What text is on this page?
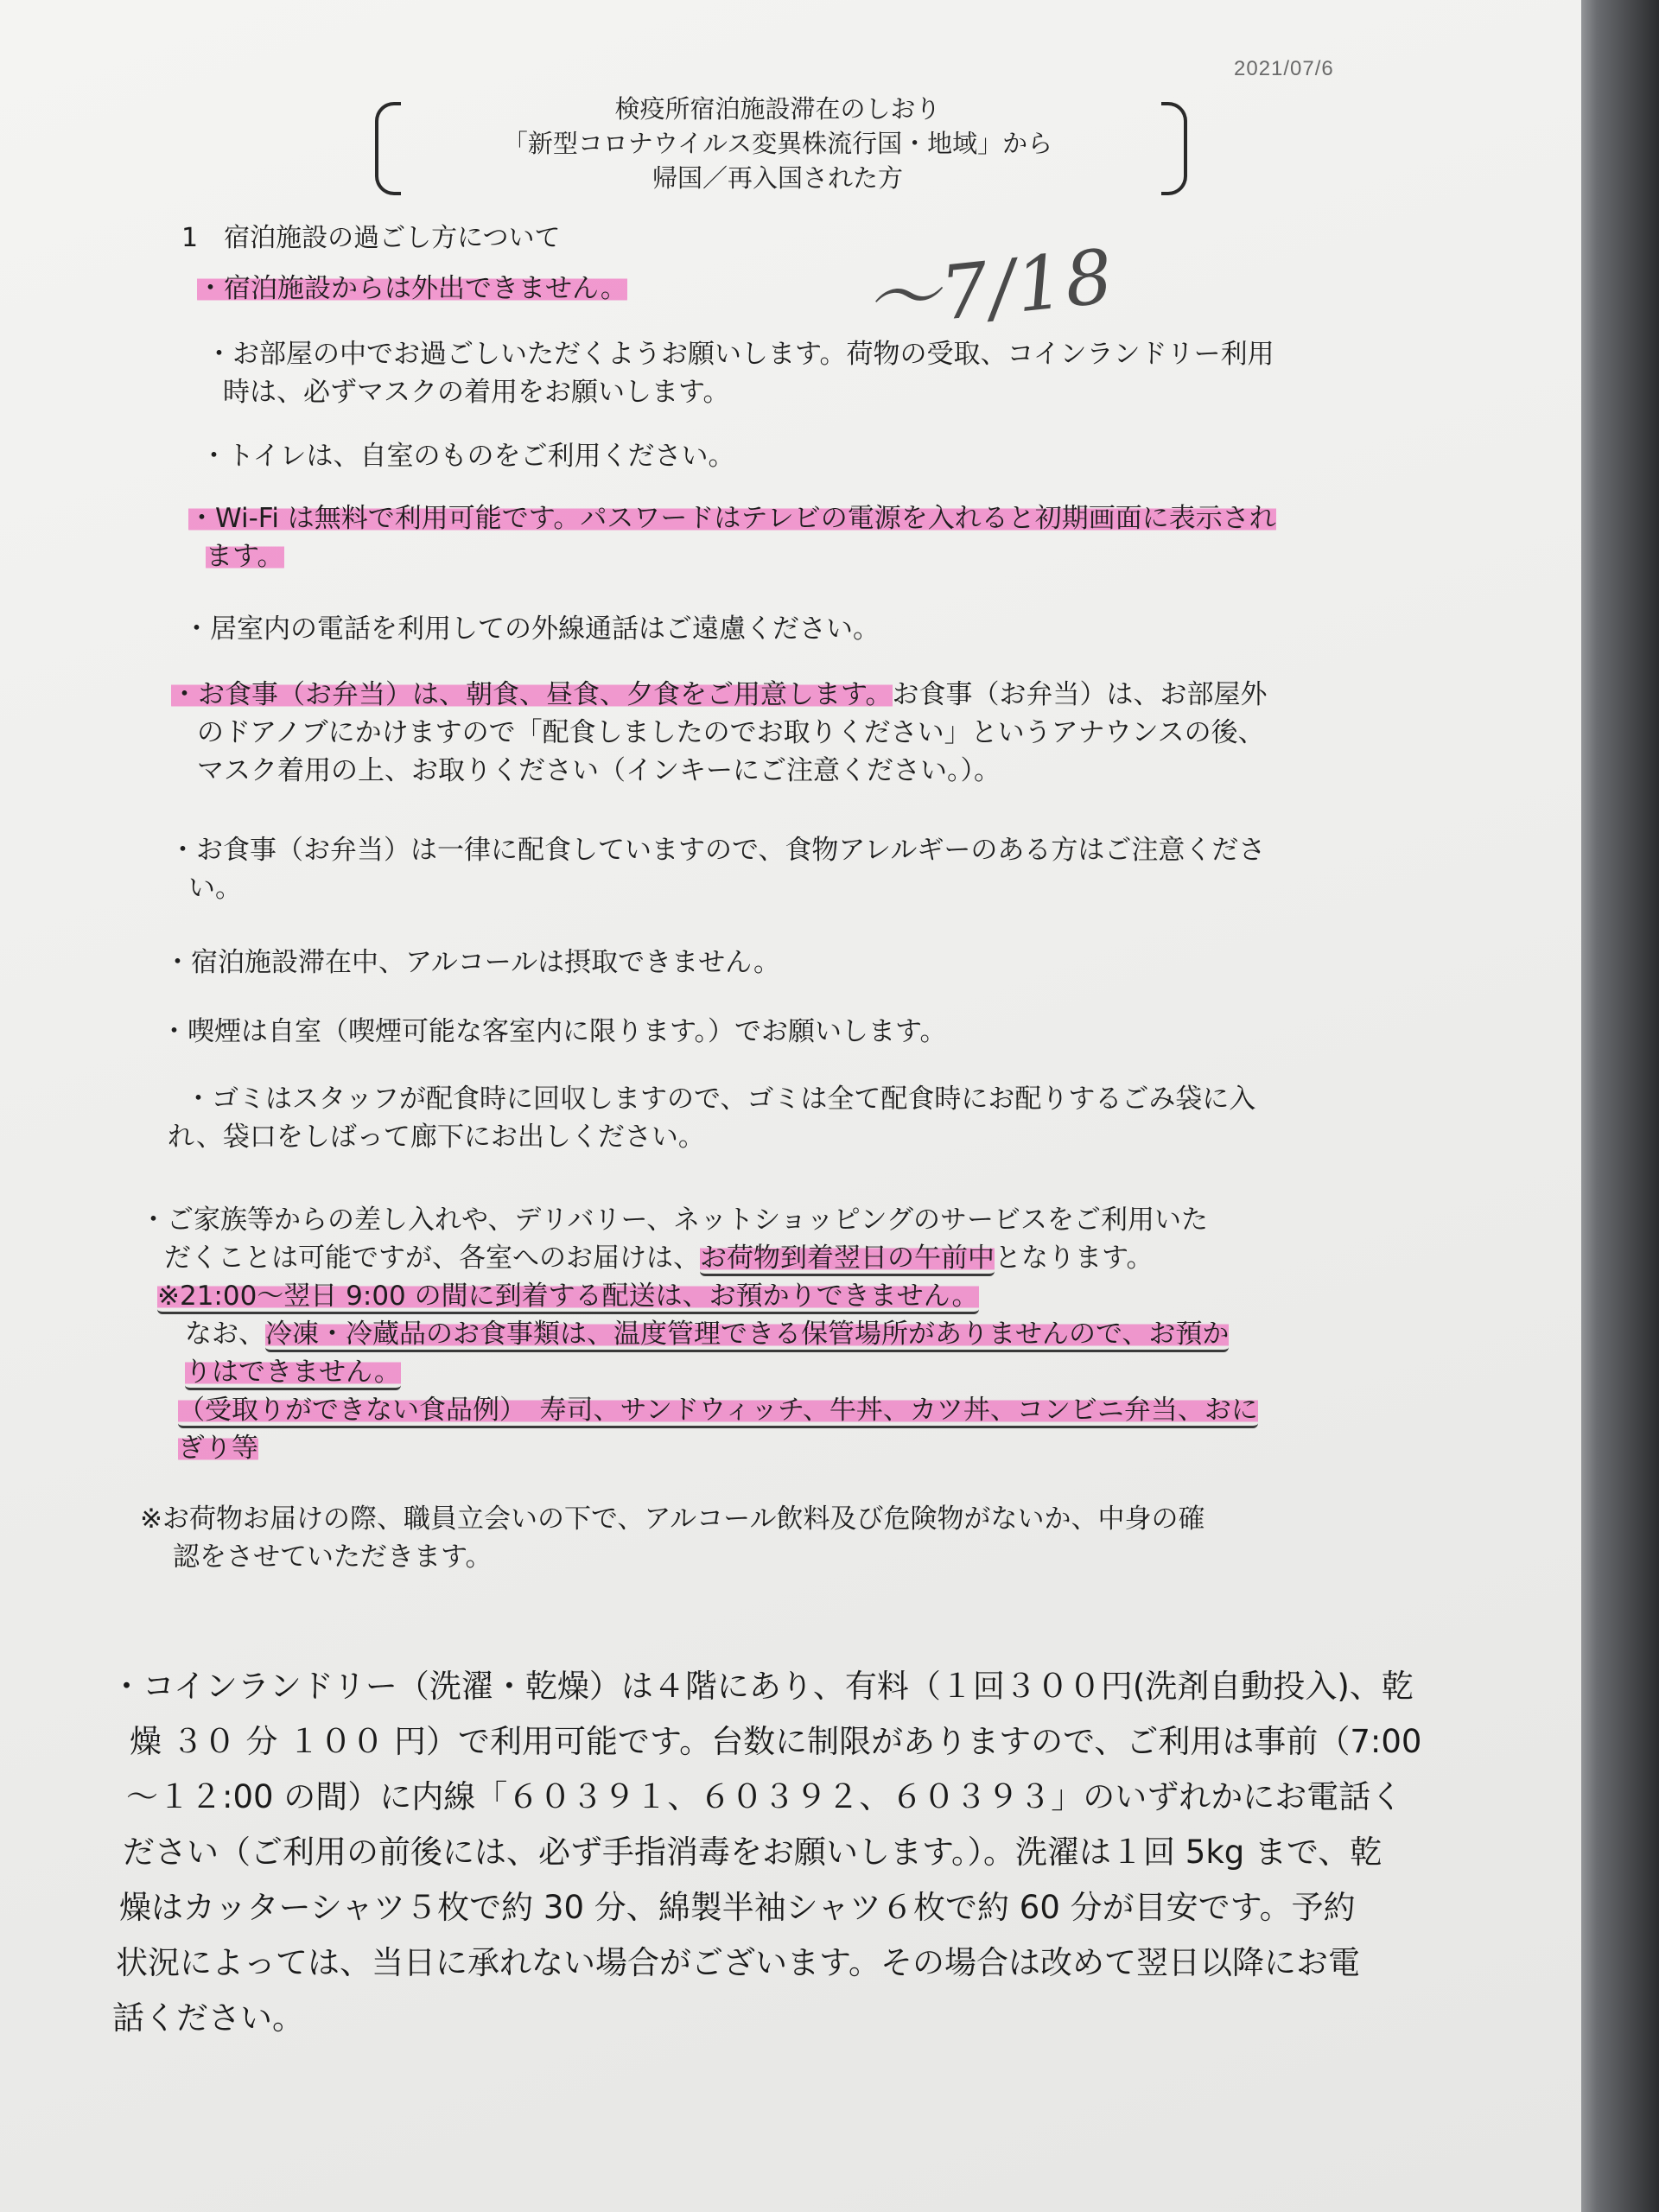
2021/07/6
検疫所宿泊施設滞在のしおり
「新型コロナウイルス変異株流行国・地域」から
帰国／再入国された方
～7/18
1　宿泊施設の過ごし方について
・宿泊施設からは外出できません。
・お部屋の中でお過ごしいただくようお願いします。荷物の受取、コインランドリー利用
時は、必ずマスクの着用をお願いします。
・トイレは、自室のものをご利用ください。
・Wi-Fi は無料で利用可能です。パスワードはテレビの電源を入れると初期画面に表示され
ます。
・居室内の電話を利用しての外線通話はご遠慮ください。
・お食事（お弁当）は、朝食、昼食、夕食をご用意します。お食事（お弁当）は、お部屋外
のドアノブにかけますので「配食しましたのでお取りください」というアナウンスの後、
マスク着用の上、お取りください（インキーにご注意ください。）。
・お食事（お弁当）は一律に配食していますので、食物アレルギーのある方はご注意くださ
い。
・宿泊施設滞在中、アルコールは摂取できません。
・喫煙は自室（喫煙可能な客室内に限ります。）でお願いします。
・ゴミはスタッフが配食時に回収しますので、ゴミは全て配食時にお配りするごみ袋に入
れ、袋口をしばって廊下にお出しください。
・ご家族等からの差し入れや、デリバリー、ネットショッピングのサービスをご利用いた
だくことは可能ですが、各室へのお届けは、お荷物到着翌日の午前中となります。
※21:00～翌日 9:00 の間に到着する配送は、お預かりできません。
なお、冷凍・冷蔵品のお食事類は、温度管理できる保管場所がありませんので、お預か
りはできません。
（受取りができない食品例）　寿司、サンドウィッチ、牛丼、カツ丼、コンビニ弁当、おに
ぎり等
※お荷物お届けの際、職員立会いの下で、アルコール飲料及び危険物がないか、中身の確
認をさせていただきます。
・コインランドリー（洗濯・乾燥）は４階にあり、有料（１回３００円(洗剤自動投入)、乾
燥 ３０ 分 １００ 円）で利用可能です。台数に制限がありますので、ご利用は事前（7:00
～１２:00 の間）に内線「６０３９１、６０３９２、６０３９３」のいずれかにお電話く
ださい（ご利用の前後には、必ず手指消毒をお願いします。）。洗濯は１回 5kg まで、乾
燥はカッターシャツ５枚で約 30 分、綿製半袖シャツ６枚で約 60 分が目安です。予約
状況によっては、当日に承れない場合がございます。その場合は改めて翌日以降にお電
話ください。
